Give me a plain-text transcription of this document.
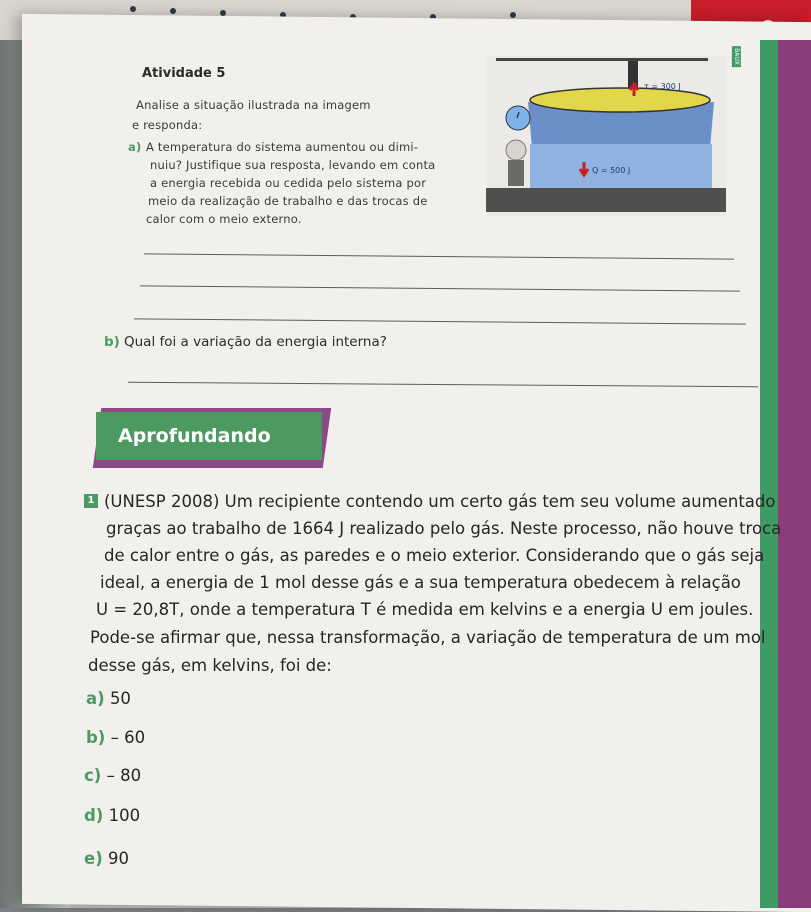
Atividade 5
Analise a situação ilustrada na imagem
e responda:
a) A temperatura do sistema aumentou ou dimi-
nuiu? Justifique sua resposta, levando em conta
a energia recebida ou cedida pelo sistema por
meio da realização de trabalho e das trocas de
calor com o meio externo.
b) Qual foi a variação da energia interna?
τ = 300 J
Q = 500 J
BAUX
Aprofundando
1 (UNESP 2008) Um recipiente contendo um certo gás tem seu volume aumentado
graças ao trabalho de 1664 J realizado pelo gás. Neste processo, não houve troca
de calor entre o gás, as paredes e o meio exterior. Considerando que o gás seja
ideal, a energia de 1 mol desse gás e a sua temperatura obedecem à relação
U = 20,8T, onde a temperatura T é medida em kelvins e a energia U em joules.
Pode-se afirmar que, nessa transformação, a variação de temperatura de um mol
desse gás, em kelvins, foi de:
a) 50
b) – 60
c) – 80
d) 100
e) 90
